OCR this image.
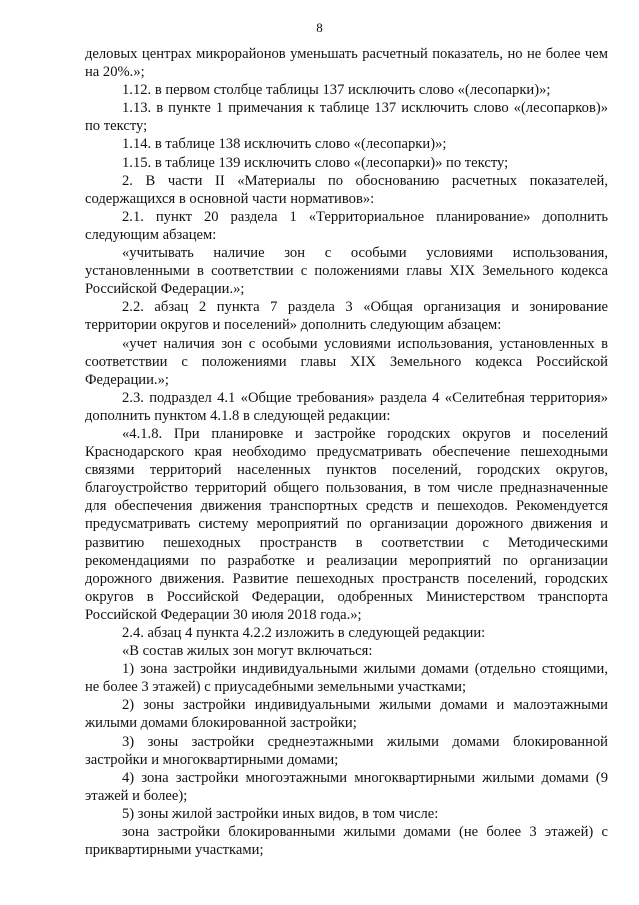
8

деловых центрах микрорайонов уменьшать расчетный показатель, но не более чем на 20%.»;

1.12. в первом столбце таблицы 137 исключить слово «(лесопарки)»;

1.13. в пункте 1 примечания к таблице 137 исключить слово «(лесопарков)» по тексту;

1.14. в таблице 138 исключить слово «(лесопарки)»;

1.15. в таблице 139 исключить слово «(лесопарки)» по тексту;

2. В части II «Материалы по обоснованию расчетных показателей, содержащихся в основной части нормативов»:

2.1. пункт 20 раздела 1 «Территориальное планирование» дополнить следующим абзацем:

«учитывать наличие зон с особыми условиями использования, установленными в соответствии с положениями главы XIX Земельного кодекса Российской Федерации.»;

2.2. абзац 2 пункта 7 раздела 3 «Общая организация и зонирование территории округов и поселений» дополнить следующим абзацем:

«учет наличия зон с особыми условиями использования, установленных в соответствии с положениями главы XIX Земельного кодекса Российской Федерации.»;

2.3. подраздел 4.1 «Общие требования» раздела 4 «Селитебная территория» дополнить пунктом 4.1.8 в следующей редакции:

«4.1.8. При планировке и застройке городских округов и поселений Краснодарского края необходимо предусматривать обеспечение пешеходными связями территорий населенных пунктов поселений, городских округов, благоустройство территорий общего пользования, в том числе предназначенные для обеспечения движения транспортных средств и пешеходов. Рекомендуется предусматривать систему мероприятий по организации дорожного движения и развитию пешеходных пространств в соответствии с Методическими рекомендациями по разработке и реализации мероприятий по организации дорожного движения. Развитие пешеходных пространств поселений, городских округов в Российской Федерации, одобренных Министерством транспорта Российской Федерации 30 июля 2018 года.»;

2.4. абзац 4 пункта 4.2.2 изложить в следующей редакции:

«В состав жилых зон могут включаться:

1) зона застройки индивидуальными жилыми домами (отдельно стоящими, не более 3 этажей) с приусадебными земельными участками;

2) зоны застройки индивидуальными жилыми домами и малоэтажными жилыми домами блокированной застройки;

3) зоны застройки среднеэтажными жилыми домами блокированной застройки и многоквартирными домами;

4) зона застройки многоэтажными многоквартирными жилыми домами (9 этажей и более);

5) зоны жилой застройки иных видов, в том числе:

зона застройки блокированными жилыми домами (не более 3 этажей) с приквартирными участками;
